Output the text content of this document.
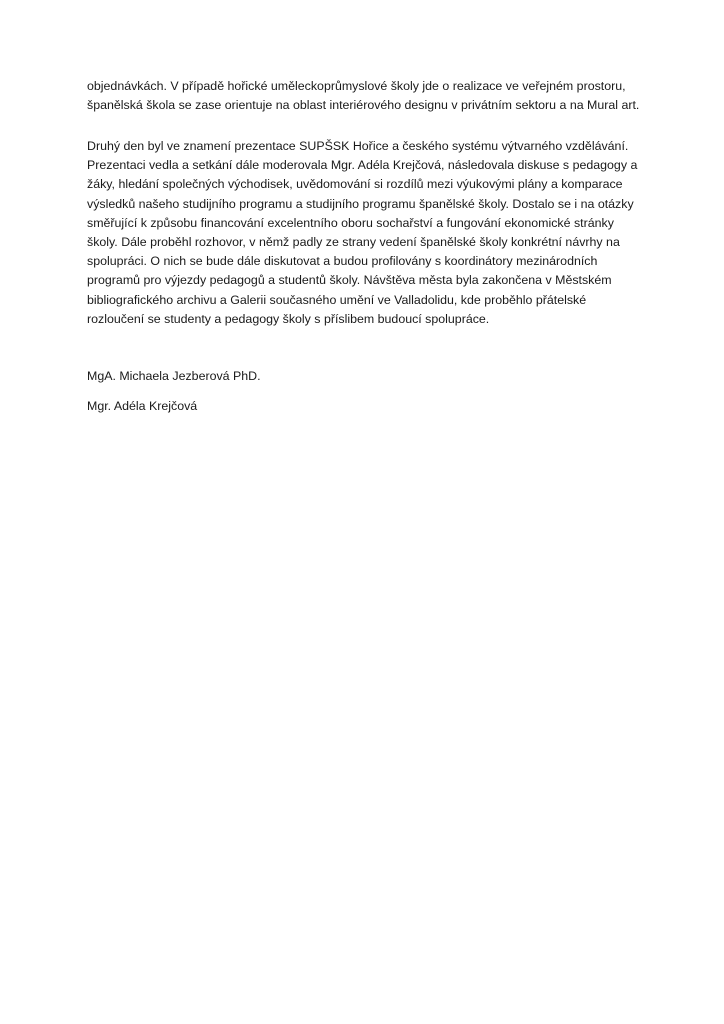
objednávkách. V případě hořické uměleckoprůmyslové školy jde o realizace ve veřejném prostoru,
španělská škola se zase orientuje na oblast interiérového designu v privátním sektoru a na Mural art.
Druhý den byl ve znamení prezentace SUPŠSK Hořice a českého systému výtvarného vzdělávání.
Prezentaci vedla a setkání dále moderovala Mgr. Adéla Krejčová, následovala diskuse s pedagogy a
žáky, hledání společných východisek, uvědomování si rozdílů mezi výukovými plány a komparace
výsledků našeho studijního programu a studijního programu španělské školy. Dostalo se i na otázky
směřující k způsobu financování excelentního oboru sochařství a fungování ekonomické stránky
školy. Dále proběhl rozhovor, v němž padly ze strany vedení španělské školy konkrétní návrhy na
spolupráci. O nich se bude dále diskutovat a budou profilovány s koordinátory mezinárodních
programů pro výjezdy pedagogů a studentů školy. Návštěva města byla zakončena v Městském
bibliografického archivu a Galerii současného umění ve Valladolidu, kde proběhlo přátelské
rozloučení se studenty a pedagogy školy s příslibem budoucí spolupráce.
MgA. Michaela Jezberová PhD.
Mgr. Adéla Krejčová
